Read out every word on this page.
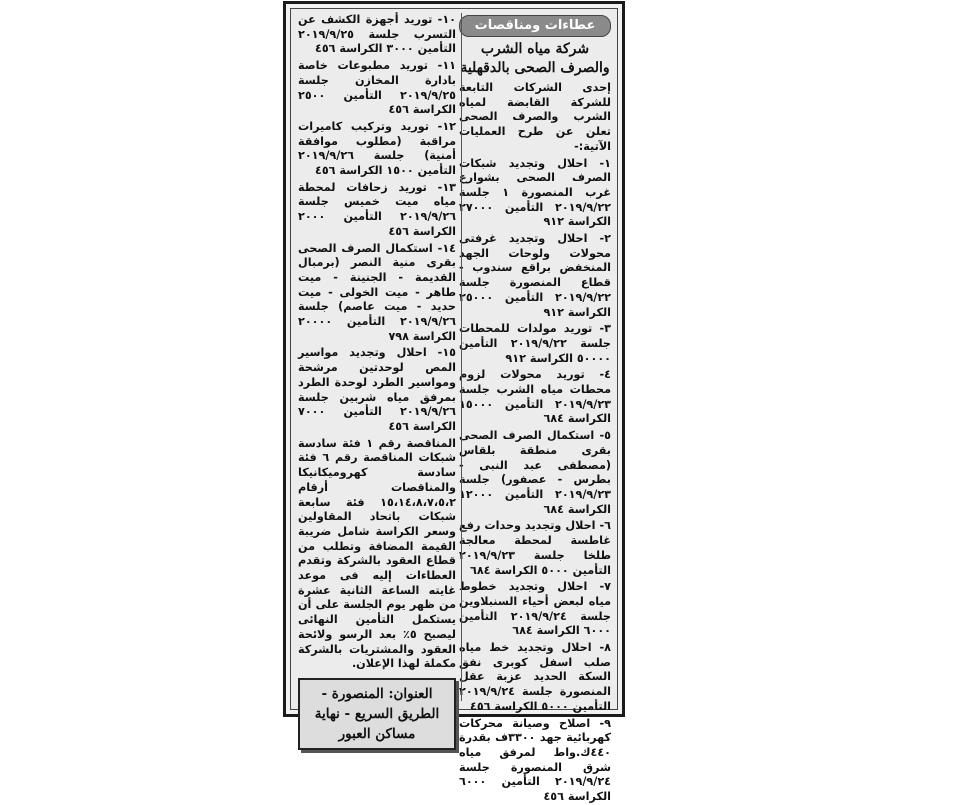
عطاءات ومناقصات
شركة مياه الشرب والصرف الصحى بالدقهلية

إحدى الشركات التابعة للشركة القابضة لمياه الشرب والصرف الصحى تعلن عن طرح العمليات الآتية:-

١- احلال وتجديد شبكات الصرف الصحى بشوارع غرب المنصورة ١ جلسة ٢٠١٩/٩/٢٢ التأمين ٢٧٠٠٠ الكراسة ٩١٢

٢- احلال وتجديد غرفتى محولات ولوحات الجهد المنخفض براقع سندوب - قطاع المنصورة جلسة ٢٠١٩/٩/٢٢ التأمين ٢٥٠٠٠ الكراسة ٩١٢

٣- توريد مولدات للمحطات جلسة ٢٠١٩/٩/٢٢ التأمين ٥٠٠٠٠ الكراسة ٩١٢

٤- توريد محولات لزوم محطات مياه الشرب جلسة ٢٠١٩/٩/٢٣ التأمين ١٥٠٠٠ الكراسة ٦٨٤

٥- استكمال الصرف الصحى بقرى منطقة بلقاس (مصطفى عبد النبى - بطرس - عصفور) جلسة ٢٠١٩/٩/٢٣ التأمين ١٢٠٠٠ الكراسة ٦٨٤

٦- احلال وتجديد وحدات رفع غاطسة لمحطة معالجة طلخا جلسة ٢٠١٩/٩/٢٣ التأمين ٥٠٠٠ الكراسة ٦٨٤

٧- احلال وتجديد خطوط مياه لبعض أحياء السنبلاوين جلسة ٢٠١٩/٩/٢٤ التأمين ٦٠٠٠ الكراسة ٦٨٤

٨- احلال وتجديد خط مياه صلب اسفل كوبرى نفق السكة الحديد عزبة عقل المنصورة جلسة ٢٠١٩/٩/٢٤ التأمين ٥٠٠٠ الكراسة ٤٥٦

٩- اصلاح وصيانة محركات كهربائية جهد ٣٣٠٠ف بقدرة ٤٤٠ك.واط لمرفق مياه شرق المنصورة جلسة ٢٠١٩/٩/٢٤ التأمين ٦٠٠٠ الكراسة ٤٥٦

١٠- توريد أجهزة الكشف عن التسرب جلسة ٢٠١٩/٩/٢٥ التأمين ٣٠٠٠ الكراسة ٤٥٦

١١- توريد مطبوعات خاصة بادارة المخازن جلسة ٢٠١٩/٩/٢٥ التأمين ٢٥٠٠ الكراسة ٤٥٦

١٢- توريد وتركيب كاميرات مراقبة (مطلوب موافقة أمنية) جلسة ٢٠١٩/٩/٢٦ التأمين ١٥٠٠ الكراسة ٤٥٦

١٣- توريد زحافات لمحطة مياه ميت خميس جلسة ٢٠١٩/٩/٢٦ التأمين ٢٠٠٠ الكراسة ٤٥٦

١٤- استكمال الصرف الصحى بقرى منية النصر (برمبال القديمة - الجنينة - ميت طاهر - ميت الخولى - ميت حديد - ميت عاصم) جلسة ٢٠١٩/٩/٢٦ التأمين ٢٠٠٠٠ الكراسة ٧٩٨

١٥- احلال وتجديد مواسير المص لوحدتين مرشحة ومواسير الطرد لوحدة الطرد بمرفق مياه شربين جلسة ٢٠١٩/٩/٢٦ التأمين ٧٠٠٠ الكراسة ٤٥٦

المناقصة رقم ١ فئة سادسة شبكات المناقصة رقم ٦ فئة سادسة كهروميكانيكا والمناقصات أرقام ١٥،١٤،٨،٧،٥،٢ فئة سابعة شبكات باتحاد المقاولين وسعر الكراسة شامل ضريبة القيمة المضافة وتطلب من قطاع العقود بالشركة وتقدم العطاءات إليه فى موعد غايته الساعة الثانية عشرة من ظهر يوم الجلسة على أن يستكمل التأمين النهائى ليصبح ٥٪ بعد الرسو ولائحة العقود والمشتريات بالشركة مكملة لهذا الإعلان.

العنوان: المنصورة - الطريق السريع - نهاية مساكن العبور
